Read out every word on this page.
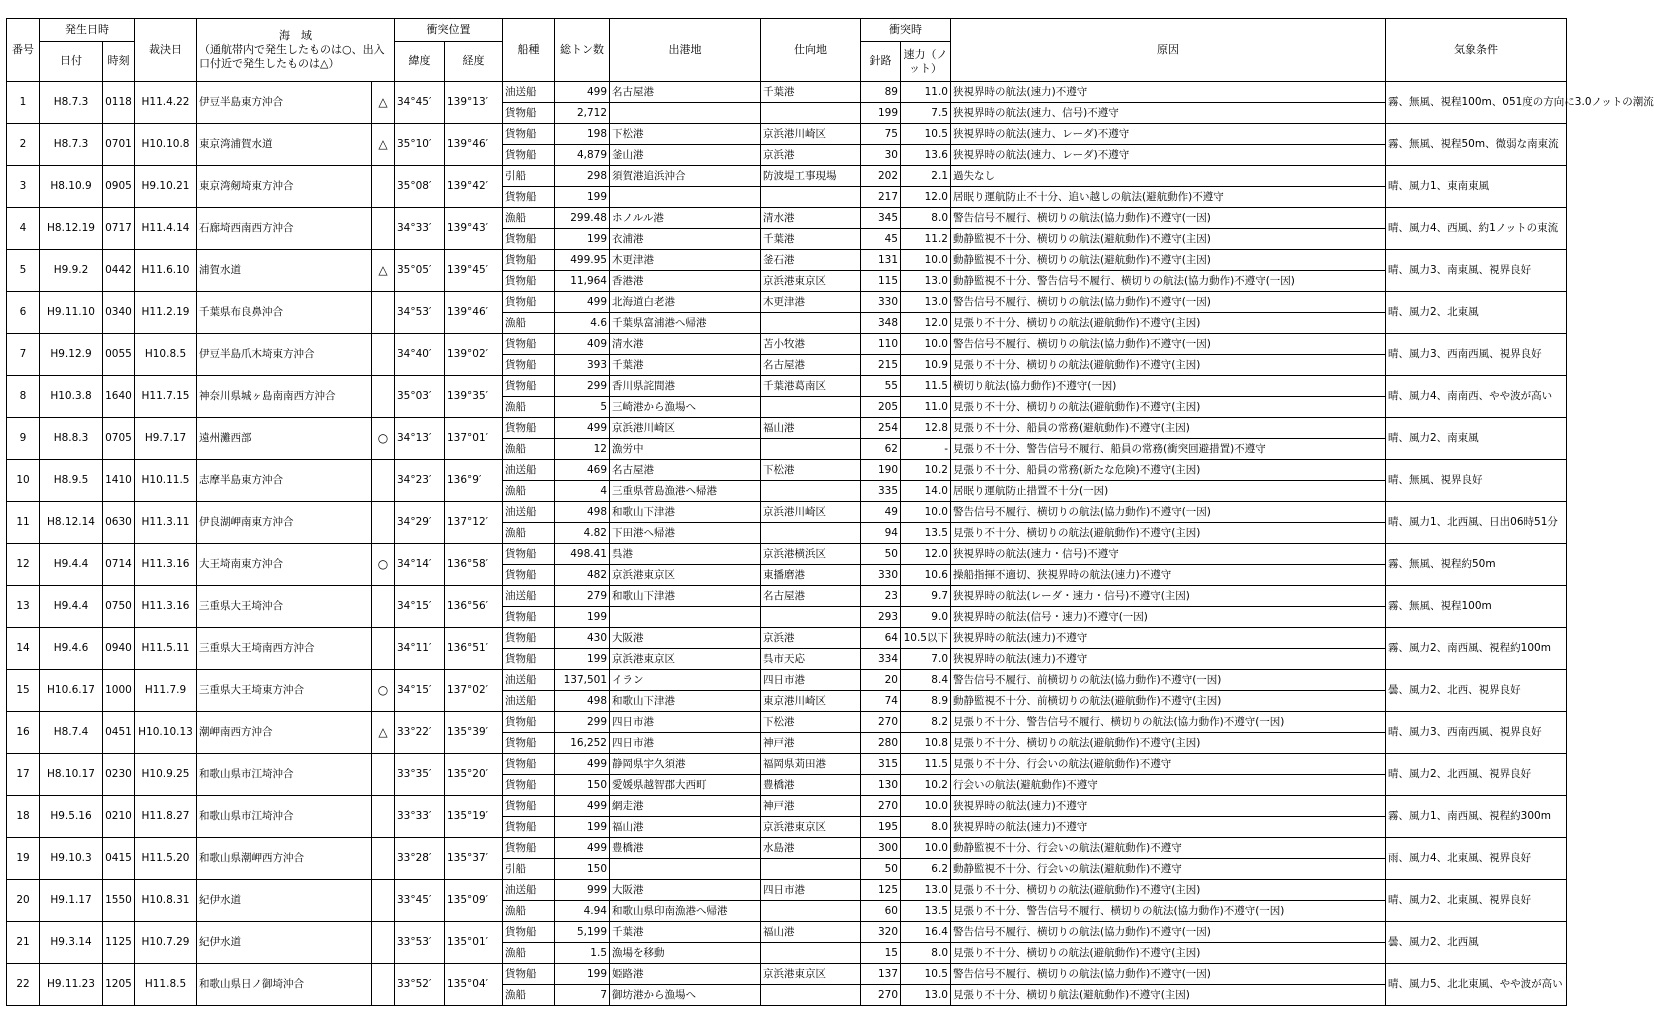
番号	発生日時		裁決日	海　域
（通航帯内で発生したものは○、出入口付近で発生したものは△）		衝突位置		船種	総トン数	出港地	仕向地	衝突時		原因	気象条件
	日付	時刻				緯度	経度					針路	速力（ノット）		
1	H8.7.3	0118	H11.4.22	伊豆半島東方沖合	△	34°45′	139°13′	油送船	499	名古屋港	千葉港	89	11.0	狭視界時の航法(速力)不遵守	霧、無風、視程100m、051度の方向に3.0ノットの潮流
								貨物船	2,712			199	7.5	狭視界時の航法(速力、信号)不遵守	
2	H8.7.3	0701	H10.10.8	東京湾浦賀水道	△	35°10′	139°46′	貨物船	198	下松港	京浜港川崎区	75	10.5	狭視界時の航法(速力、レーダ)不遵守	霧、無風、視程50m、微弱な南東流
								貨物船	4,879	釜山港	京浜港	30	13.6	狭視界時の航法(速力、レーダ)不遵守	
3	H8.10.9	0905	H9.10.21	東京湾剱埼東方沖合		35°08′	139°42′	引船	298	須賀港追浜沖合	防波堤工事現場	202	2.1	過失なし	晴、風力1、東南東風
								貨物船	199			217	12.0	居眠り運航防止不十分、追い越しの航法(避航動作)不遵守	
4	H8.12.19	0717	H11.4.14	石廊埼西南西方沖合		34°33′	139°43′	漁船	299.48	ホノルル港	清水港	345	8.0	警告信号不履行、横切りの航法(協力動作)不遵守(一因)	晴、風力4、西風、約1ノットの東流
								貨物船	199	衣浦港	千葉港	45	11.2	動静監視不十分、横切りの航法(避航動作)不遵守(主因)	
5	H9.9.2	0442	H11.6.10	浦賀水道	△	35°05′	139°45′	貨物船	499.95	木更津港	釜石港	131	10.0	動静監視不十分、横切りの航法(避航動作)不遵守(主因)	晴、風力3、南東風、視界良好
								貨物船	11,964	香港港	京浜港東京区	115	13.0	動静監視不十分、警告信号不履行、横切りの航法(協力動作)不遵守(一因)	
6	H9.11.10	0340	H11.2.19	千葉県布良鼻沖合		34°53′	139°46′	貨物船	499	北海道白老港	木更津港	330	13.0	警告信号不履行、横切りの航法(協力動作)不遵守(一因)	晴、風力2、北東風
								漁船	4.6	千葉県富浦港へ帰港		348	12.0	見張り不十分、横切りの航法(避航動作)不遵守(主因)	
7	H9.12.9	0055	H10.8.5	伊豆半島爪木埼東方沖合		34°40′	139°02′	貨物船	409	清水港	苫小牧港	110	10.0	警告信号不履行、横切りの航法(協力動作)不遵守(一因)	晴、風力3、西南西風、視界良好
								貨物船	393	千葉港	名古屋港	215	10.9	見張り不十分、横切りの航法(避航動作)不遵守(主因)	
8	H10.3.8	1640	H11.7.15	神奈川県城ヶ島南南西方沖合		35°03′	139°35′	貨物船	299	香川県詫間港	千葉港葛南区	55	11.5	横切り航法(協力動作)不遵守(一因)	晴、風力4、南南西、やや波が高い
								漁船	5	三崎港から漁場へ		205	11.0	見張り不十分、横切りの航法(避航動作)不遵守(主因)	
9	H8.8.3	0705	H9.7.17	遠州灘西部	○	34°13′	137°01′	貨物船	499	京浜港川崎区	福山港	254	12.8	見張り不十分、船員の常務(避航動作)不遵守(主因)	晴、風力2、南東風
								漁船	12	漁労中		62	-	見張り不十分、警告信号不履行、船員の常務(衝突回避措置)不遵守	
10	H8.9.5	1410	H10.11.5	志摩半島東方沖合		34°23′	136°9′	油送船	469	名古屋港	下松港	190	10.2	見張り不十分、船員の常務(新たな危険)不遵守(主因)	晴、無風、視界良好
								漁船	4	三重県菅島漁港へ帰港		335	14.0	居眠り運航防止措置不十分(一因)	
11	H8.12.14	0630	H11.3.11	伊良湖岬南東方沖合		34°29′	137°12′	油送船	498	和歌山下津港	京浜港川崎区	49	10.0	警告信号不履行、横切りの航法(協力動作)不遵守(一因)	晴、風力1、北西風、日出06時51分
								漁船	4.82	下田港へ帰港		94	13.5	見張り不十分、横切りの航法(避航動作)不遵守(主因)	
12	H9.4.4	0714	H11.3.16	大王埼南東方沖合	○	34°14′	136°58′	貨物船	498.41	呉港	京浜港横浜区	50	12.0	狭視界時の航法(速力・信号)不遵守	霧、無風、視程約50m
								貨物船	482	京浜港東京区	東播磨港	330	10.6	操船指揮不適切、狭視界時の航法(速力)不遵守	
13	H9.4.4	0750	H11.3.16	三重県大王埼沖合		34°15′	136°56′	油送船	279	和歌山下津港	名古屋港	23	9.7	狭視界時の航法(レーダ・速力・信号)不遵守(主因)	霧、無風、視程100m
								貨物船	199			293	9.0	狭視界時の航法(信号・速力)不遵守(一因)	
14	H9.4.6	0940	H11.5.11	三重県大王埼南西方沖合		34°11′	136°51′	貨物船	430	大阪港	京浜港	64	10.5以下	狭視界時の航法(速力)不遵守	霧、風力2、南西風、視程約100m
								貨物船	199	京浜港東京区	呉市天応	334	7.0	狭視界時の航法(速力)不遵守	
15	H10.6.17	1000	H11.7.9	三重県大王埼東方沖合	○	34°15′	137°02′	油送船	137,501	イラン	四日市港	20	8.4	警告信号不履行、前横切りの航法(協力動作)不遵守(一因)	曇、風力2、北西、視界良好
								油送船	498	和歌山下津港	東京港川崎区	74	8.9	動静監視不十分、前横切りの航法(避航動作)不遵守(主因)	
16	H8.7.4	0451	H10.10.13	潮岬南西方沖合	△	33°22′	135°39′	貨物船	299	四日市港	下松港	270	8.2	見張り不十分、警告信号不履行、横切りの航法(協力動作)不遵守(一因)	晴、風力3、西南西風、視界良好
								貨物船	16,252	四日市港	神戸港	280	10.8	見張り不十分、横切りの航法(避航動作)不遵守(主因)	
17	H8.10.17	0230	H10.9.25	和歌山県市江埼沖合		33°35′	135°20′	貨物船	499	静岡県宇久須港	福岡県苅田港	315	11.5	見張り不十分、行会いの航法(避航動作)不遵守	晴、風力2、北西風、視界良好
								貨物船	150	愛媛県越智郡大西町	豊橋港	130	10.2	行会いの航法(避航動作)不遵守	
18	H9.5.16	0210	H11.8.27	和歌山県市江埼沖合		33°33′	135°19′	貨物船	499	網走港	神戸港	270	10.0	狭視界時の航法(速力)不遵守	霧、風力1、南西風、視程約300m
								貨物船	199	福山港	京浜港東京区	195	8.0	狭視界時の航法(速力)不遵守	
19	H9.10.3	0415	H11.5.20	和歌山県潮岬西方沖合		33°28′	135°37′	貨物船	499	豊橋港	水島港	300	10.0	動静監視不十分、行会いの航法(避航動作)不遵守	雨、風力4、北東風、視界良好
								引船	150			50	6.2	動静監視不十分、行会いの航法(避航動作)不遵守	
20	H9.1.17	1550	H10.8.31	紀伊水道		33°45′	135°09′	油送船	999	大阪港	四日市港	125	13.0	見張り不十分、横切りの航法(避航動作)不遵守(主因)	晴、風力2、北東風、視界良好
								漁船	4.94	和歌山県印南漁港へ帰港		60	13.5	見張り不十分、警告信号不履行、横切りの航法(協力動作)不遵守(一因)	
21	H9.3.14	1125	H10.7.29	紀伊水道		33°53′	135°01′	貨物船	5,199	千葉港	福山港	320	16.4	警告信号不履行、横切りの航法(協力動作)不遵守(一因)	曇、風力2、北西風
								漁船	1.5	漁場を移動		15	8.0	見張り不十分、横切りの航法(避航動作)不遵守(主因)	
22	H9.11.23	1205	H11.8.5	和歌山県日ノ御埼沖合		33°52′	135°04′	貨物船	199	姫路港	京浜港東京区	137	10.5	警告信号不履行、横切りの航法(協力動作)不遵守(一因)	晴、風力5、北北東風、やや波が高い
								漁船	7	御坊港から漁場へ		270	13.0	見張り不十分、横切り航法(避航動作)不遵守(主因)	
